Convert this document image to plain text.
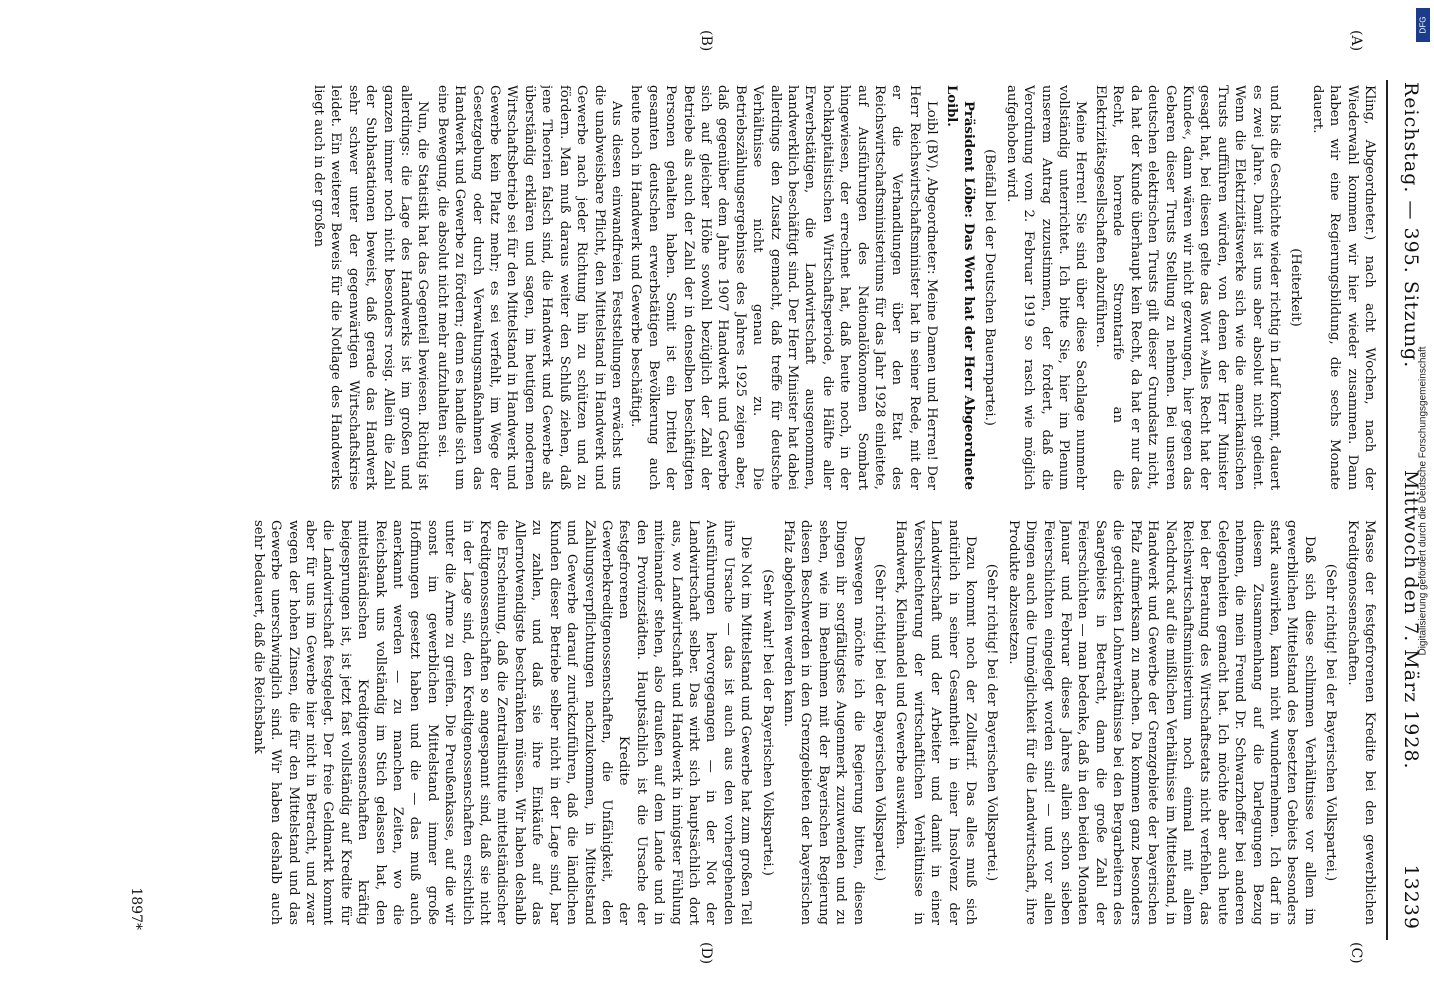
Reichstag. — 395. Sitzung.
Mittwoch den 7. März 1928.
13239
(A)
(B)
(C)
(D)

Kling, Abgeordneter.) nach acht Wochen, nach der Wiederwahl kommen wir hier wieder zusammen. Dann haben wir eine Regierungsbildung, die sechs Monate dauert.

(Heiterkeit)

und bis die Geschichte wieder richtig in Lauf kommt, dauert es zwei Jahre. Damit ist uns aber absolut nicht gedient. Wenn die Elektrizitätswerke sich wie die amerikanischen Trusts aufführen würden, von denen der Herr Minister gesagt hat, bei diesen gelte das Wort »Alles Recht hat der Kunde«, dann wären wir nicht gezwungen, hier gegen das Gebaren dieser Trusts Stellung zu nehmen. Bei unseren deutschen elektrischen Trusts gilt dieser Grundsatz nicht, da hat der Kunde überhaupt kein Recht, da hat er nur das Recht, horrende Stromtarife an die Elektrizitätsgesellschaften abzuführen.

Meine Herren! Sie sind über diese Sachlage nunmehr vollständig unterrichtet. Ich bitte Sie, hier im Plenum unserem Antrag zuzustimmen, der fordert, daß die Verordnung vom 2. Februar 1919 so rasch wie möglich aufgehoben wird.

(Beifall bei der Deutschen Bauernpartei.)

Präsident Löbe: Das Wort hat der Herr Abgeordnete Loibl.

Loibl (BV), Abgeordneter: Meine Damen und Herren! Der Herr Reichswirtschaftsminister hat in seiner Rede, mit der er die Verhandlungen über den Etat des Reichswirtschaftsministeriums für das Jahr 1928 einleitete, auf Ausführungen des Nationalökonomen Sombart hingewiesen, der errechnet hat, daß heute noch, in der hochkapitalistischen Wirtschaftsperiode, die Hälfte aller Erwerbstätigen, die Landwirtschaft ausgenommen, handwerklich beschäftigt sind. Der Herr Minister hat dabei allerdings den Zusatz gemacht, daß treffe für deutsche Verhältnisse nicht genau zu. Die Betriebszählungsergebnisse des Jahres 1925 zeigen aber, daß gegenüber dem Jahre 1907 Handwerk und Gewerbe sich auf gleicher Höhe sowohl bezüglich der Zahl der Betriebe als auch der Zahl der in denselben beschäftigten Personen gehalten haben. Somit ist ein Drittel der gesamten deutschen erwerbstätigen Bevölkerung auch heute noch in Handwerk und Gewerbe beschäftigt.

Aus diesen einwandfreien Feststellungen erwächst uns die unabweisbare Pflicht, den Mittelstand in Handwerk und Gewerbe nach jeder Richtung hin zu schützen und zu fördern. Man muß daraus weiter den Schluß ziehen, daß jene Theorien falsch sind, die Handwerk und Gewerbe als überständig erklären und sagen, im heutigen modernen Wirtschaftsbetrieb sei für den Mittelstand in Handwerk und Gewerbe kein Platz mehr; es sei verfehlt, im Wege der Gesetzgebung oder durch Verwaltungsmaßnahmen das Handwerk und Gewerbe zu fördern; denn es handle sich um eine Bewegung, die absolut nicht mehr aufzuhalten sei.

Nun, die Statistik hat das Gegenteil bewiesen. Richtig ist allerdings: die Lage des Handwerks ist im großen und ganzen immer noch nicht besonders rosig. Allein die Zahl der Subhastationen beweist, daß gerade das Handwerk sehr schwer unter der gegenwärtigen Wirtschaftskrise leidet. Ein weiterer Beweis für die Notlage des Handwerks liegt auch in der großen

Masse der festgefrorenen Kredite bei den gewerblichen Kreditgenossenschaften.

(Sehr richtig! bei der Bayerischen Volkspartei.)

Daß sich diese schlimmen Verhältnisse vor allem im gewerblichen Mittelstand des besetzten Gebiets besonders stark auswirken, kann nicht wundernehmen. Ich darf in diesem Zusammenhang auf die Darlegungen Bezug nehmen, die mein Freund Dr. Schwarzhoffer bei anderen Gelegenheiten gemacht hat. Ich möchte aber auch heute bei der Beratung des Wirtschaftsetats nicht verfehlen, das Reichswirtschaftsministerium noch einmal mit allem Nachdruck auf die mißlichen Verhältnisse im Mittelstand, in Handwerk und Gewerbe der Grenzgebiete der bayerischen Pfalz aufmerksam zu machen. Da kommen ganz besonders die gedrückten Lohnverhältnisse bei den Bergarbeitern des Saargebiets in Betracht, dann die große Zahl der Feierschichten — man bedenke, daß in den beiden Monaten Januar und Februar dieses Jahres allein schon sieben Feierschichten eingelegt worden sind! — und vor allen Dingen auch die Unmöglichkeit für die Landwirtschaft, ihre Produkte abzusetzen.

(Sehr richtig! bei der Bayerischen Volkspartei.)

Dazu kommt noch der Zolltarif. Das alles muß sich natürlich in seiner Gesamtheit in einer Insolvenz der Landwirtschaft und der Arbeiter und damit in einer Verschlechterung der wirtschaftlichen Verhältnisse in Handwerk, Kleinhandel und Gewerbe auswirken.

(Sehr richtig! bei der Bayerischen Volkspartei.)

Deswegen möchte ich die Regierung bitten, diesen Dingen ihr sorgfältigstes Augenmerk zuzuwenden und zu sehen, wie im Benehmen mit der Bayerischen Regierung diesen Beschwerden in den Grenzgebieten der bayerischen Pfalz abgeholfen werden kann.

(Sehr wahr! bei der Bayerischen Volkspartei.)

Die Not im Mittelstand und Gewerbe hat zum großen Teil ihre Ursache — das ist auch aus den vorhergehenden Ausführungen hervorgegangen — in der Not der Landwirtschaft selber. Das wirkt sich hauptsächlich dort aus, wo Landwirtschaft und Handwerk in innigster Fühlung miteinander stehen, also draußen auf dem Lande und in den Provinzstädten. Hauptsächlich ist die Ursache der festgefrorenen Kredite der Gewerbekreditgenossenschaften, die Unfähigkeit, den Zahlungsverpflichtungen nachzukommen, in Mittelstand und Gewerbe darauf zurückzuführen, daß die ländlichen Kunden dieser Betriebe selber nicht in der Lage sind, bar zu zahlen, und daß sie ihre Einkäufe auf das Allernotwendigste beschränken müssen. Wir haben deshalb die Erscheinung, daß die Zentralinstitute mittelständischer Kreditgenossenschaften so angespannt sind, daß sie nicht in der Lage sind, den Kreditgenossenschaften ersichtlich unter die Arme zu greifen. Die Preußenkasse, auf die wir sonst im gewerblichen Mittelstand immer große Hoffnungen gesetzt haben und die — das muß auch anerkannt werden — zu manchen Zeiten, wo die Reichsbank uns vollständig im Stich gelassen hat, den mittelständischen Kreditgenossenschaften kräftig beigesprungen ist, ist jetzt fast vollständig auf Kredite für die Landwirtschaft festgelegt. Der freie Geldmarkt kommt aber für uns im Gewerbe hier nicht in Betracht, und zwar wegen der hohen Zinsen, die für den Mittelstand und das Gewerbe unerschwinglich sind. Wir haben deshalb auch sehr bedauert, daß die Reichsbank

1897*
DFG
Digitalisierung gefördert durch die Deutsche Forschungsgemeinschaft
